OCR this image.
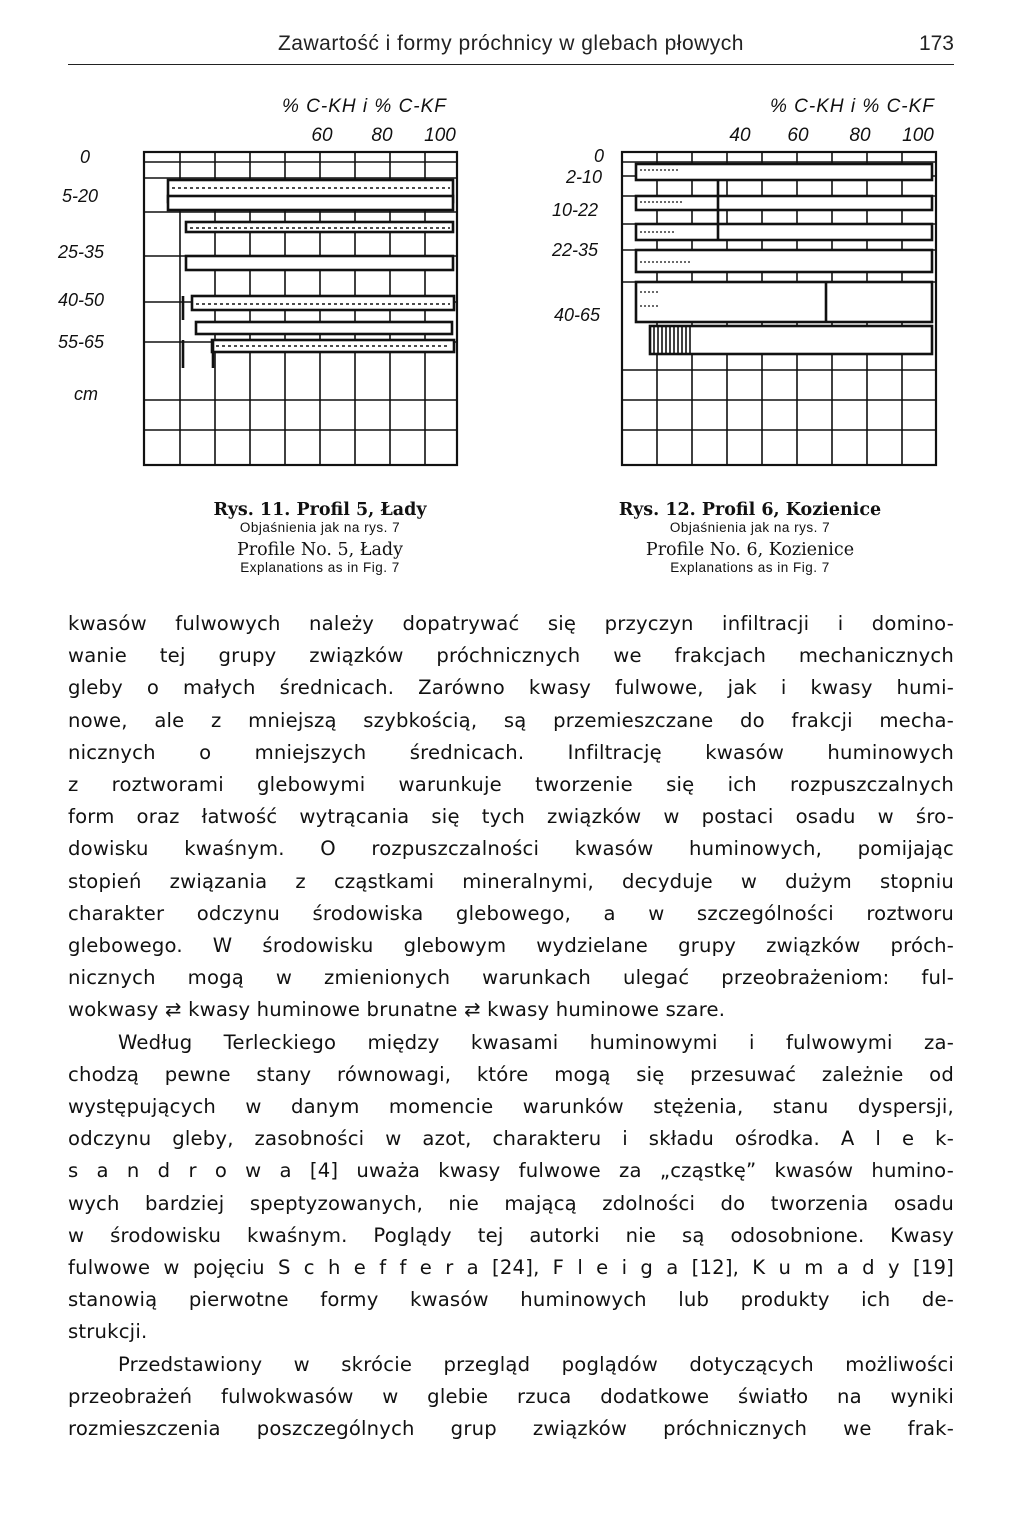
Zawartość i formy próchnicy w glebach płowych	173
% C-KH i % C-KF
60 80 100
0
5-20
25-35
40-50
55-65
cm
Rys. 11. Profil 5, Łady
Objaśnienia jak na rys. 7
Profile No. 5, Łady
Explanations as in Fig. 7
% C-KH i % C-KF
40 60 80 100
0
2-10
10-22
22-35
40-65
Rys. 12. Profil 6, Kozienice
Objaśnienia jak na rys. 7
Profile No. 6, Kozienice
Explanations as in Fig. 7

kwasów fulwowych należy dopatrywać się przyczyn infiltracji i domino-

wanie tej grupy związków próchnicznych we frakcjach mechanicznych

gleby o małych średnicach. Zarówno kwasy fulwowe, jak i kwasy humi-

nowe, ale z mniejszą szybkością, są przemieszczane do frakcji mecha-

nicznych o mniejszych średnicach. Infiltrację kwasów huminowych

z roztworami glebowymi warunkuje tworzenie się ich rozpuszczalnych

form oraz łatwość wytrącania się tych związków w postaci osadu w śro-

dowisku kwaśnym. O rozpuszczalności kwasów huminowych, pomijając

stopień związania z cząstkami mineralnymi, decyduje w dużym stopniu

charakter odczynu środowiska glebowego, a w szczególności roztworu

glebowego. W środowisku glebowym wydzielane grupy związków próch-

nicznych mogą w zmienionych warunkach ulegać przeobrażeniom: ful-

wokwasy ⇄ kwasy huminowe brunatne ⇄ kwasy huminowe szare.

Według Terleckiego między kwasami huminowymi i fulwowymi za-

chodzą pewne stany równowagi, które mogą się przesuwać zależnie od

występujących w danym momencie warunków stężenia, stanu dyspersji,

odczynu gleby, zasobności w azot, charakteru i składu ośrodka. A l e k-

s a n d r o w a [4] uważa kwasy fulwowe za „cząstkę” kwasów humino-

wych bardziej speptyzowanych, nie mającą zdolności do tworzenia osadu

w środowisku kwaśnym. Poglądy tej autorki nie są odosobnione. Kwasy

fulwowe w pojęciu S c h e f f e r a [24], F l e i g a [12], K u m a d y [19]

stanowią pierwotne formy kwasów huminowych lub produkty ich de-

strukcji.

Przedstawiony w skrócie przegląd poglądów dotyczących możliwości

przeobrażeń fulwokwasów w glebie rzuca dodatkowe światło na wyniki

rozmieszczenia poszczególnych grup związków próchnicznych we frak-
